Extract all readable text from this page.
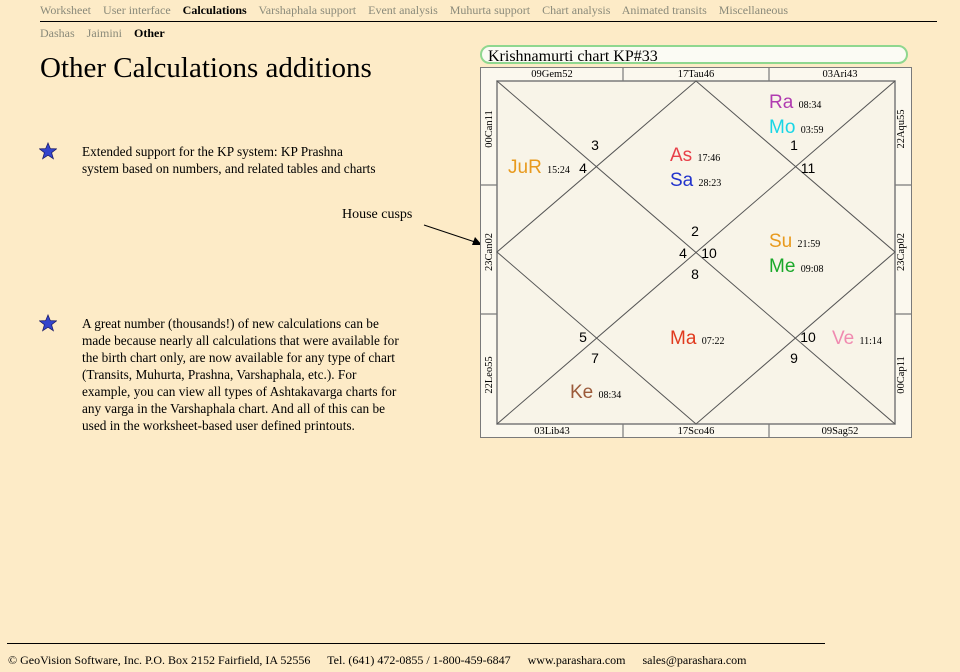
Worksheet User interface Calculations Varshaphala support Event analysis Muhurta support Chart analysis Animated transits Miscellaneous
Dashas Jaimini Other
Other Calculations additions
Extended support for the KP system: KP Prashna system based on numbers, and related tables and charts
A great number (thousands!) of new calculations can be made because nearly all calculations that were available for the birth chart only, are now available for any type of chart (Transits, Muhurta, Prashna, Varshaphala, etc.). For example, you can view all types of Ashtakavarga charts for any varga in the Varshaphala chart. And all of this can be used in the worksheet-based user defined printouts.
House cusps
Krishnamurti chart KP#33
09Gem52	17Tau46	03Ari43
03Lib43	17Sco46	09Sag52
00Can11
23Can02
22Leo55
22Aqu55
23Cap02
00Cap11
2
3
4
5
7
8
9
10
11
1
4 10
Ra 08:34
Mo 03:59
JuR 15:24
As 17:46
Sa 28:23
Su 21:59
Me 09:08
Ma 07:22	Ve 11:14
Ke 08:34
© GeoVision Software, Inc. P.O. Box 2152 Fairfield, IA 52556 Tel. (641) 472-0855 / 1-800-459-6847 www.parashara.com sales@parashara.com
